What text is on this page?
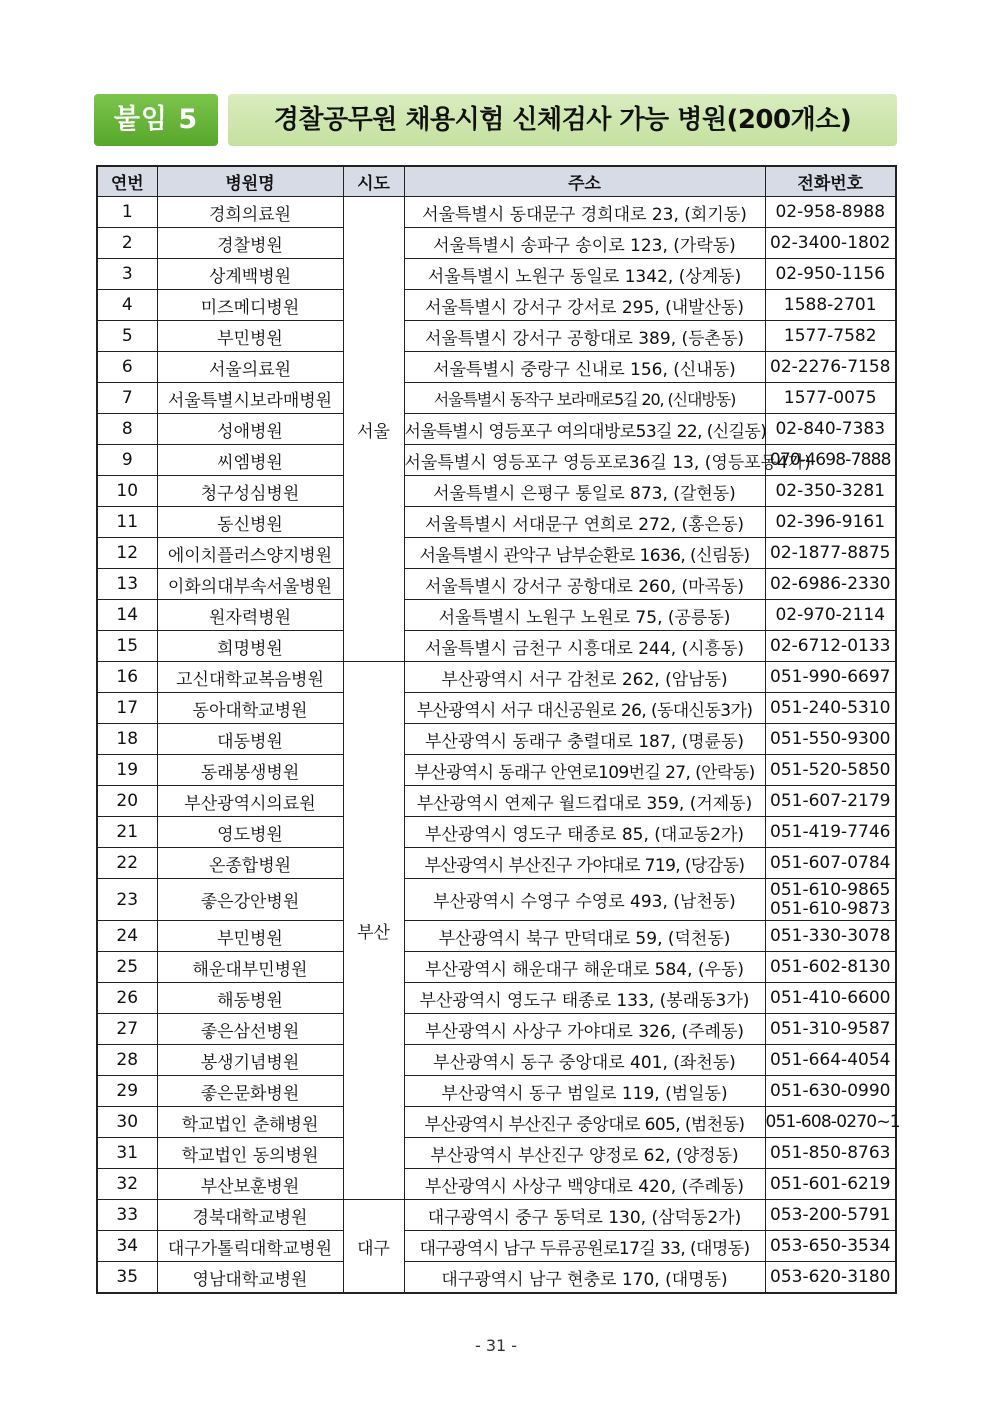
붙임 5	경찰공무원 채용시험 신체검사 가능 병원(200개소)
연번	병원명	시도	주소	전화번호
1	경희의료원	서울	서울특별시 동대문구 경희대로 23, (회기동)	02-958-8988
2	경찰병원		서울특별시 송파구 송이로 123, (가락동)	02-3400-1802
3	상계백병원		서울특별시 노원구 동일로 1342, (상계동)	02-950-1156
4	미즈메디병원		서울특별시 강서구 강서로 295, (내발산동)	1588-2701
5	부민병원		서울특별시 강서구 공항대로 389, (등촌동)	1577-7582
6	서울의료원		서울특별시 중랑구 신내로 156, (신내동)	02-2276-7158
7	서울특별시보라매병원		서울특별시 동작구 보라매로5길 20, (신대방동)	1577-0075
8	성애병원		서울특별시 영등포구 여의대방로53길 22, (신길동)	02-840-7383
9	씨엠병원		서울특별시 영등포구 영등포로36길 13, (영등포동4가)	070-4698-7888
10	청구성심병원		서울특별시 은평구 통일로 873, (갈현동)	02-350-3281
11	동신병원		서울특별시 서대문구 연희로 272, (홍은동)	02-396-9161
12	에이치플러스양지병원		서울특별시 관악구 남부순환로 1636, (신림동)	02-1877-8875
13	이화의대부속서울병원		서울특별시 강서구 공항대로 260, (마곡동)	02-6986-2330
14	원자력병원		서울특별시 노원구 노원로 75, (공릉동)	02-970-2114
15	희명병원		서울특별시 금천구 시흥대로 244, (시흥동)	02-6712-0133
16	고신대학교복음병원	부산	부산광역시 서구 감천로 262, (암남동)	051-990-6697
17	동아대학교병원		부산광역시 서구 대신공원로 26, (동대신동3가)	051-240-5310
18	대동병원		부산광역시 동래구 충렬대로 187, (명륜동)	051-550-9300
19	동래봉생병원		부산광역시 동래구 안연로109번길 27, (안락동)	051-520-5850
20	부산광역시의료원		부산광역시 연제구 월드컵대로 359, (거제동)	051-607-2179
21	영도병원		부산광역시 영도구 태종로 85, (대교동2가)	051-419-7746
22	온종합병원		부산광역시 부산진구 가야대로 719, (당감동)	051-607-0784
23	좋은강안병원		부산광역시 수영구 수영로 493, (남천동)	051-610-9865
051-610-9873

24	부민병원		부산광역시 북구 만덕대로 59, (덕천동)	051-330-3078
25	해운대부민병원		부산광역시 해운대구 해운대로 584, (우동)	051-602-8130
26	해동병원		부산광역시 영도구 태종로 133, (봉래동3가)	051-410-6600
27	좋은삼선병원		부산광역시 사상구 가야대로 326, (주례동)	051-310-9587
28	봉생기념병원		부산광역시 동구 중앙대로 401, (좌천동)	051-664-4054
29	좋은문화병원		부산광역시 동구 범일로 119, (범일동)	051-630-0990
30	학교법인 춘해병원		부산광역시 부산진구 중앙대로 605, (범천동)	051-608-0270~1
31	학교법인 동의병원		부산광역시 부산진구 양정로 62, (양정동)	051-850-8763
32	부산보훈병원		부산광역시 사상구 백양대로 420, (주례동)	051-601-6219
33	경북대학교병원	대구	대구광역시 중구 동덕로 130, (삼덕동2가)	053-200-5791
34	대구가톨릭대학교병원		대구광역시 남구 두류공원로17길 33, (대명동)	053-650-3534
35	영남대학교병원		대구광역시 남구 현충로 170, (대명동)	053-620-3180
- 31 -
